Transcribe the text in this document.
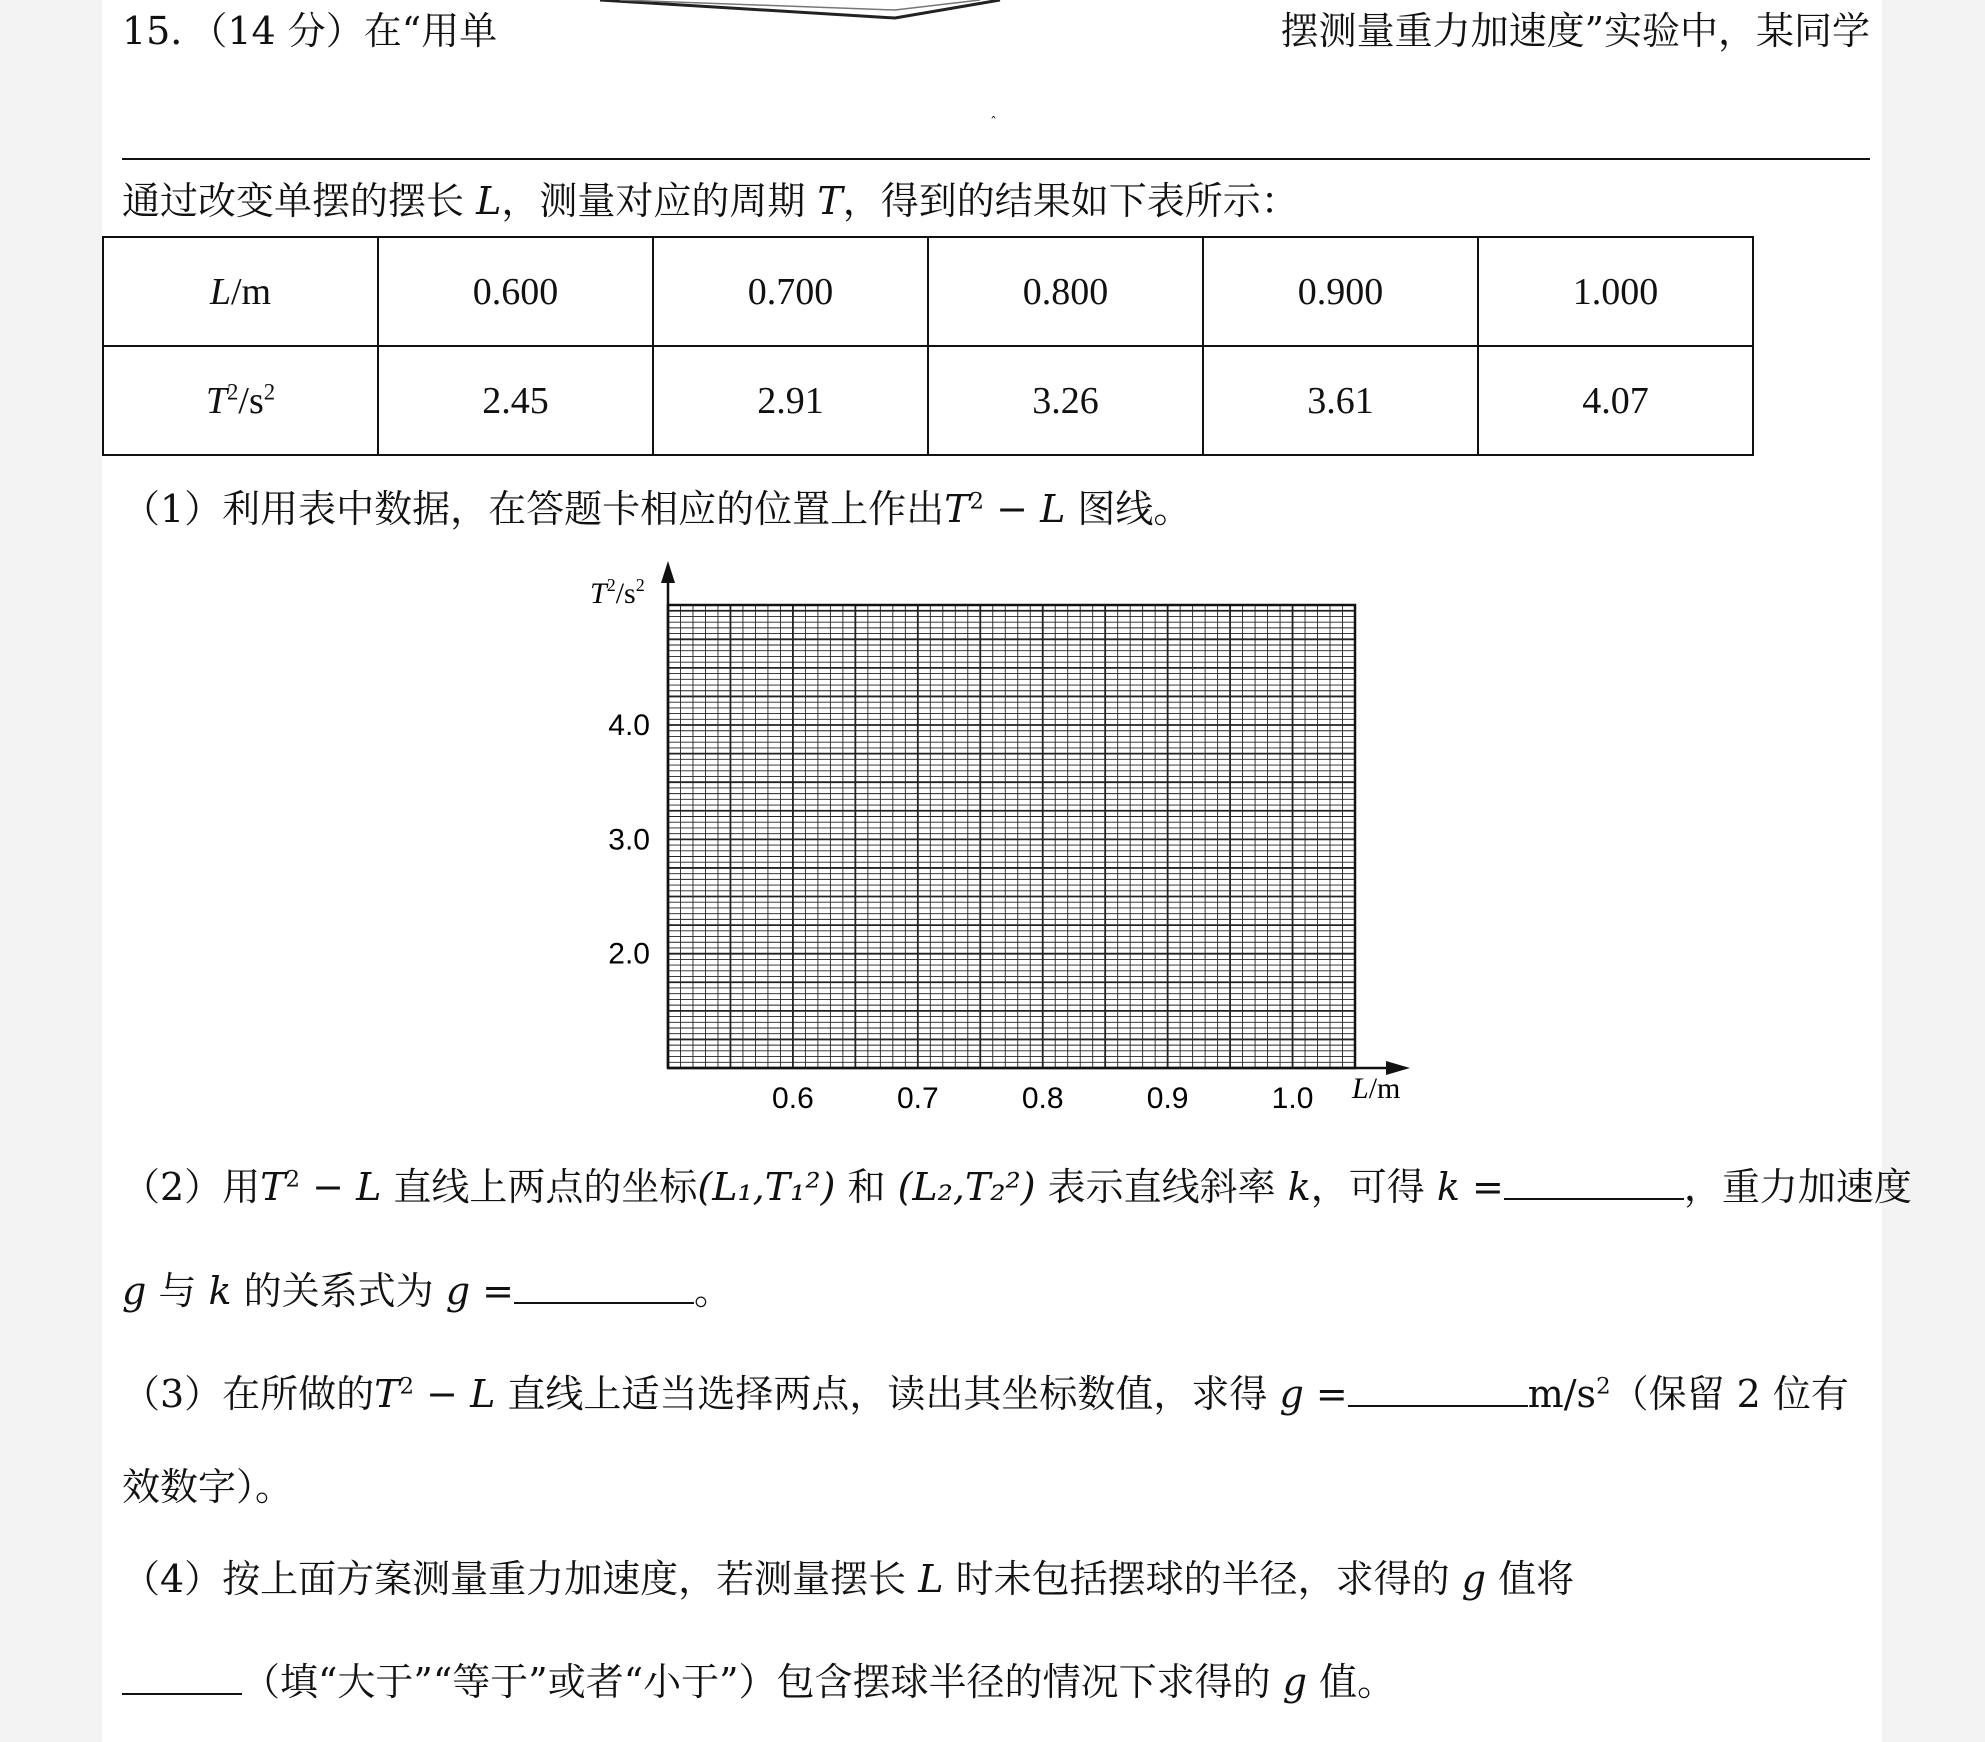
15．（14 分）在“用单	摆测量重力加速度”实验中，某同学
ˆ
通过改变单摆的摆长 L，测量对应的周期 T，得到的结果如下表所示：
L/m	0.600	0.700	0.800	0.900	1.000
$T^2/s^2$	2.45	2.91	3.26	3.61	4.07
（1）利用表中数据，在答题卡相应的位置上作出$T^2 - L$ 图线。
4.0
3.0
2.0
0.6	0.7	0.8	0.9	1.0
$T^2/s^2$
L/m
（2）用$T^2 - L$ 直线上两点的坐标(L₁,T₁²) 和 (L₂,T₂²) 表示直线斜率 k，可得 k =	，重力加速度
g 与 k 的关系式为 g =	。
（3）在所做的$T^2 - L$ 直线上适当选择两点，读出其坐标数值，求得 g =	$m/s^2$（保留 2 位有
效数字）。
（4）按上面方案测量重力加速度，若测量摆长 L 时未包括摆球的半径，求得的 g 值将
（填“大于”“等于”或者“小于”）包含摆球半径的情况下求得的 g 值。
